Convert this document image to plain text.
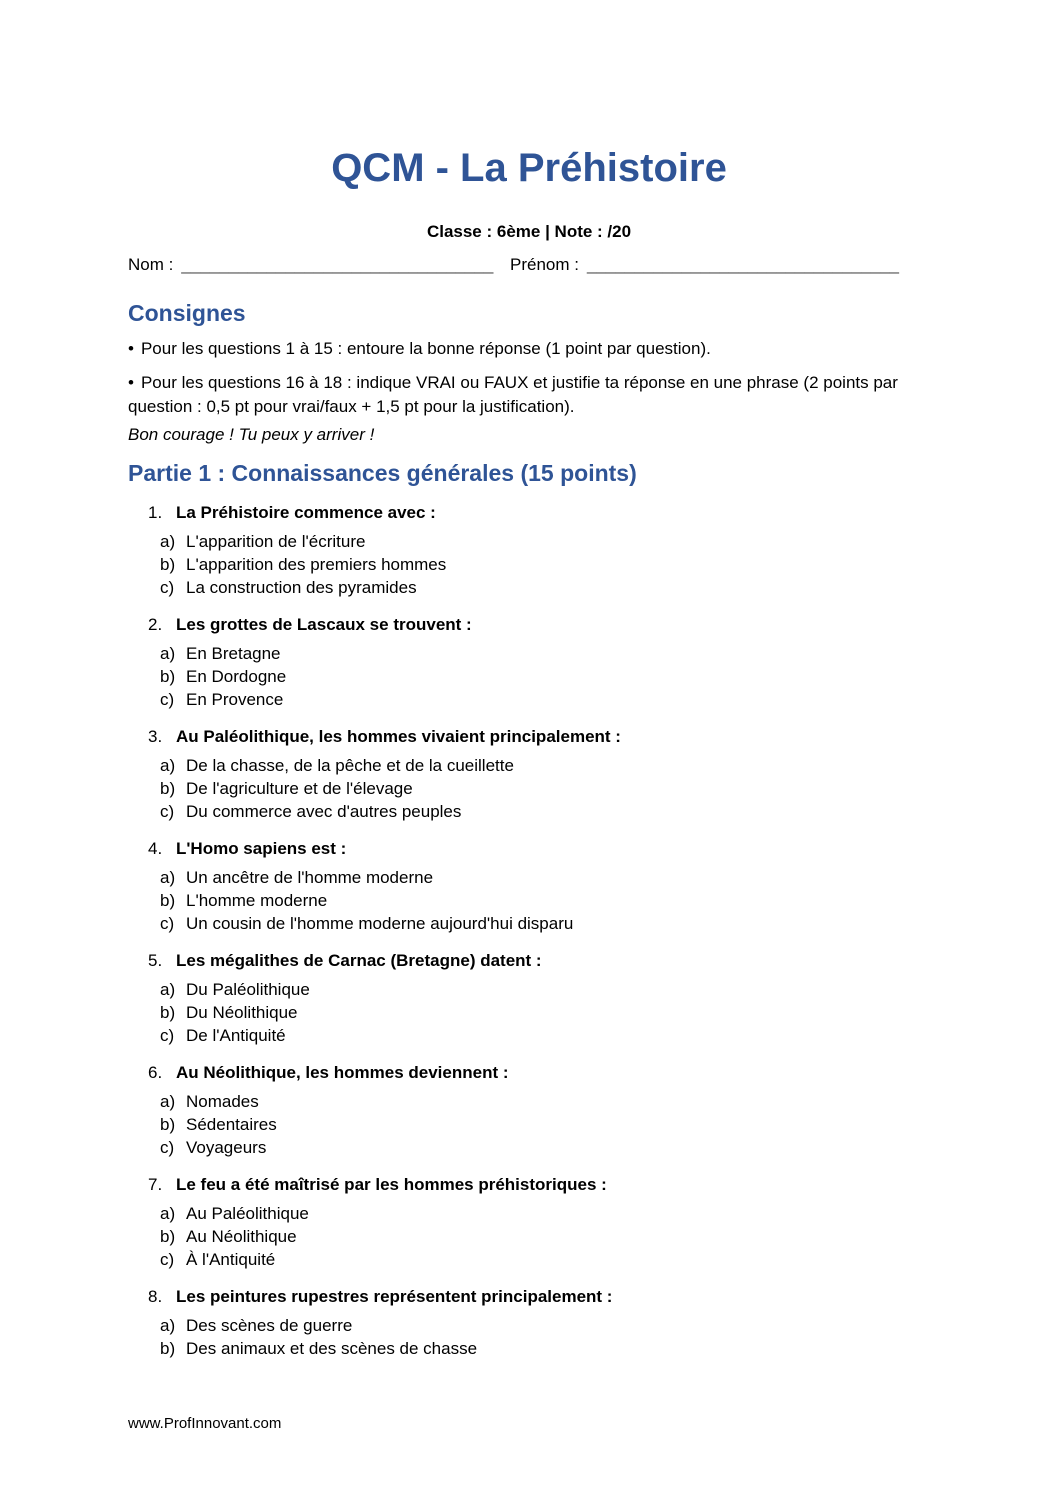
QCM - La Préhistoire
Classe : 6ème | Note : /20
Nom : _________________________________ Prénom : _________________________________
Consignes

• Pour les questions 1 à 15 : entoure la bonne réponse (1 point par question).

• Pour les questions 16 à 18 : indique VRAI ou FAUX et justifie ta réponse en une phrase (2 points par question : 0,5 pt pour vrai/faux + 1,5 pt pour la justification).

Bon courage ! Tu peux y arriver !

Partie 1 : Connaissances générales (15 points)
1. La Préhistoire commence avec :
a) L'apparition de l'écriture
b) L'apparition des premiers hommes
c) La construction des pyramides
2. Les grottes de Lascaux se trouvent :
a) En Bretagne
b) En Dordogne
c) En Provence
3. Au Paléolithique, les hommes vivaient principalement :
a) De la chasse, de la pêche et de la cueillette
b) De l'agriculture et de l'élevage
c) Du commerce avec d'autres peuples
4. L'Homo sapiens est :
a) Un ancêtre de l'homme moderne
b) L'homme moderne
c) Un cousin de l'homme moderne aujourd'hui disparu
5. Les mégalithes de Carnac (Bretagne) datent :
a) Du Paléolithique
b) Du Néolithique
c) De l'Antiquité
6. Au Néolithique, les hommes deviennent :
a) Nomades
b) Sédentaires
c) Voyageurs
7. Le feu a été maîtrisé par les hommes préhistoriques :
a) Au Paléolithique
b) Au Néolithique
c) À l'Antiquité
8. Les peintures rupestres représentent principalement :
a) Des scènes de guerre
b) Des animaux et des scènes de chasse
www.ProfInnovant.com
